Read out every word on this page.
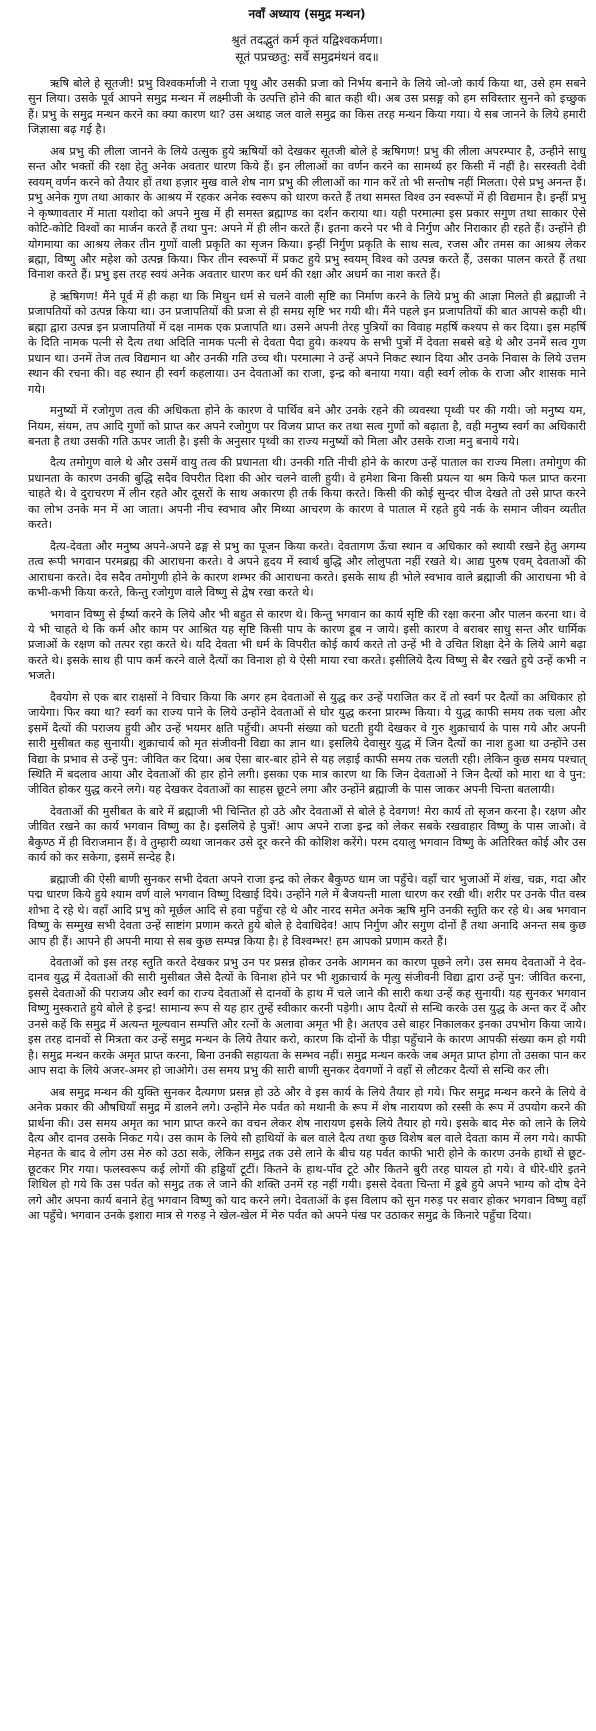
नवाँ अध्याय (समुद्र मन्थन)
श्रुतं तदद्भुतं कर्म कृतं यद्विश्वकर्मणा।
सूतं पप्रच्छतु: सर्वे समुद्रमंथनं वद॥

ऋषि बोले हे सूतजी! प्रभु विश्वकर्माजी ने राजा पृथु और उसकी प्रजा को निर्भय बनाने के लिये जो-जो कार्य किया था, उसे हम सबने सुन लिया। उसके पूर्व आपने समुद्र मन्थन में लक्ष्मीजी के उत्पत्ति होने की बात कही थी। अब उस प्रसङ्ग को हम सविस्तार सुनने को इच्छुक हैं। प्रभु के समुद्र मन्थन करने का क्या कारण था? उस अथाह जल वाले समुद्र का किस तरह मन्थन किया गया। ये सब जानने के लिये हमारी जिज्ञासा बढ़ गई है।

अब प्रभु की लीला जानने के लिये उत्सुक हुये ऋषियों को देखकर सूतजी बोले हे ऋषिगण! प्रभु की लीला अपरम्पार है, उन्हीने साधु सन्त और भक्तों की रक्षा हेतु अनेक अवतार धारण किये हैं। इन लीलाओं का वर्णन करने का सामर्थ्य हर किसी में नहीं है। सरस्वती देवी स्वयम् वर्णन करने को तैयार हों तथा हज़ार मुख वाले शेष नाग प्रभु की लीलाओं का गान करें तो भी सन्तोष नहीं मिलता। ऐसे प्रभु अनन्त हैं। प्रभु अनेक गुण तथा आकार के आश्रय में रहकर अनेक स्वरूप को धारण करते हैं तथा समस्त विश्व उन स्वरूपों में ही विद्यमान है। इन्हीं प्रभु ने कृष्णावतार में माता यशोदा को अपने मुख में ही समस्त ब्रह्माण्ड का दर्शन कराया था। यही परमात्मा इस प्रकार सगुण तथा साकार ऐसे कोटि-कोटि विश्वों का मार्जन करते हैं तथा पुन: अपने में ही लीन करते हैं। इतना करने पर भी वे निर्गुण और निराकार ही रहते हैं। उन्होंने ही योगमाया का आश्रय लेकर तीन गुणों वाली प्रकृति का सृजन किया। इन्हीं निर्गुण प्रकृति के साथ सत्व, रजस और तमस का आश्रय लेकर ब्रह्मा, विष्णु और महेश को उत्पन्न किया। फिर तीन स्वरूपों में प्रकट हुये प्रभु स्वयम् विश्व को उत्पन्न करते हैं, उसका पालन करते हैं तथा विनाश करते हैं। प्रभु इस तरह स्वयं अनेक अवतार धारण कर धर्म की रक्षा और अधर्म का नाश करते हैं।

हे ऋषिगण! मैंने पूर्व में ही कहा था कि मिथुन धर्म से चलने वाली सृष्टि का निर्माण करने के लिये प्रभु की आज्ञा मिलते ही ब्रह्माजी ने प्रजापतियों को उत्पन्न किया था। उन प्रजापतियों की प्रजा से ही समग्र सृष्टि भर गयी थी। मैंने पहले इन प्रजापतियों की बात आपसे कही थी। ब्रह्मा द्वारा उत्पन्न इन प्रजापतियों में दक्ष नामक एक प्रजापति था। उसने अपनी तेरह पुत्रियों का विवाह महर्षि कश्यप से कर दिया। इस महर्षि के दिति नामक पत्नी से दैत्य तथा अदिति नामक पत्नी से देवता पैदा हुये। कश्यप के सभी पुत्रों में देवता सबसे बड़े थे और उनमें सत्व गुण प्रधान था। उनमें तेज तत्व विद्यमान था और उनकी गति उच्च थी। परमात्मा ने उन्हें अपने निकट स्थान दिया और उनके निवास के लिये उत्तम स्थान की रचना की। वह स्थान ही स्वर्ग कहलाया। उन देवताओं का राजा, इन्द्र को बनाया गया। वही स्वर्ग लोक के राजा और शासक माने गये।

मनुष्यों में रजोगुण तत्व की अधिकता होने के कारण वे पार्थिव बने और उनके रहने की व्यवस्था पृथ्वी पर की गयी। जो मनुष्य यम, नियम, संयम, तप आदि गुणों को प्राप्त कर अपने रजोगुण पर विजय प्राप्त कर तथा सत्व गुणों को बढ़ाता है, वही मनुष्य स्वर्ग का अधिकारी बनता है तथा उसकी गति ऊपर जाती है। इसी के अनुसार पृथ्वी का राज्य मनुष्यों को मिला और उसके राजा मनु बनाये गये।

दैत्य तमोगुण वाले थे और उसमें वायु तत्व की प्रधानता थी। उनकी गति नीची होने के कारण उन्हें पाताल का राज्य मिला। तमोगुण की प्रधानता के कारण उनकी बुद्धि सदैव विपरीत दिशा की ओर चलने वाली हुयी। वे हमेशा बिना किसी प्रयत्न या श्रम किये फल प्राप्त करना चाहते थे। वे दुराचरण में लीन रहते और दूसरों के साथ अकारण ही तर्क किया करते। किसी की कोई सुन्दर चीज देखते तो उसे प्राप्त करने का लोभ उनके मन में आ जाता। अपनी नीच स्वभाव और मिथ्या आचरण के कारण वे पाताल में रहते हुये नर्क के समान जीवन व्यतीत करते।

दैत्य-देवता और मनुष्य अपने-अपने ढङ्ग से प्रभु का पूजन किया करते। देवतागण ऊँचा स्थान व अधिकार को स्थायी रखने हेतु अगम्य तत्व रूपी भगवान परमब्रह्म की आराधना करते। वे अपने हृदय में स्वार्थ बुद्धि और लोलुपता नहीं रखते थे। आद्य पुरुष एवम् देवताओं की आराधना करते। देव सदैव तमोगुणी होने के कारण शम्भर की आराधना करते। इसके साथ ही भोले स्वभाव वाले ब्रह्माजी की आराधना भी वे कभी-कभी किया करते, किन्तु रजोगुण वाले विष्णु से द्वेष रखा करते थे।

भगवान विष्णु से ईर्ष्या करने के लिये और भी बहुत से कारण थे। किन्तु भगवान का कार्य सृष्टि की रक्षा करना और पालन करना था। वे ये भी चाहते थे कि कर्म और काम पर आश्रित यह सृष्टि किसी पाप के कारण डूब न जाये। इसी कारण वे बराबर साधु सन्त और धार्मिक प्रजाओं के रक्षण को तत्पर रहा करते थे। यदि देवता भी धर्म के विपरीत कोई कार्य करते तो उन्हें भी वे उचित शिक्षा देने के लिये आगे बढ़ा करते थे। इसके साथ ही पाप कर्म करने वाले दैत्यों का विनाश हो ये ऐसी माया रचा करते। इसीलिये दैत्य विष्णु से बैर रखते हुये उन्हें कभी न भजते।

दैवयोग से एक बार राक्षसों ने विचार किया कि अगर हम देवताओं से युद्ध कर उन्हें पराजित कर दें तो स्वर्ग पर दैत्यों का अधिकार हो जायेगा। फिर क्या था? स्वर्ग का राज्य पाने के लिये उन्होंने देवताओं से घोर युद्ध करना प्रारम्भ किया। ये युद्ध काफी समय तक चला और इसमें दैत्यों की पराजय हुयी और उन्हें भयमर क्षति पहुँची। अपनी संख्या को घटती हुयी देखकर वे गुरु शुक्राचार्य के पास गये और अपनी सारी मुसीबत कह सुनायी। शुक्राचार्य को मृत संजीवनी विद्या का ज्ञान था। इसलिये देवासुर युद्ध में जिन दैत्यों का नाश हुआ था उन्होंने उस विद्या के प्रभाव से उन्हें पुन: जीवित कर दिया। अब ऐसा बार-बार होने से यह लड़ाई काफी समय तक चलती रही। लेकिन कुछ समय पश्चात् स्थिति में बदलाव आया और देवताओं की हार होने लगी। इसका एक मात्र कारण था कि जिन देवताओं ने जिन दैत्यों को मारा था वे पुन: जीवित होकर युद्ध करने लगे। यह देखकर देवताओं का साहस छूटने लगा और उन्होंने ब्रह्माजी के पास जाकर अपनी चिन्ता बतलायी।

देवताओं की मुसीबत के बारे में ब्रह्माजी भी चिन्तित हो उठे और देवताओं से बोले हे देवगण! मेरा कार्य तो सृजन करना है। रक्षण और जीवित रखने का कार्य भगवान विष्णु का है। इसलिये हे पुत्रों! आप अपने राजा इन्द्र को लेकर सबके रखवाहार विष्णु के पास जाओ। वे बैकुण्ठ में ही विराजमान हैं। वे तुम्हारी व्यथा जानकर उसे दूर करने की कोशिश करेंगे। परम दयालु भगवान विष्णु के अतिरिक्त कोई और उस कार्य को कर सकेगा, इसमें सन्देह है।

ब्रह्माजी की ऐसी बाणी सुनकर सभी देवता अपने राजा इन्द्र को लेकर बैकुण्ठ धाम जा पहुँचे। वहाँ चार भुजाओं में शंख, चक्र, गदा और पद्म धारण किये हुये श्याम वर्ण वाले भगवान विष्णु दिखाई दिये। उन्होंने गले में बैजयन्ती माला धारण कर रखी थी। शरीर पर उनके पीत वस्त्र शोभा दे रहे थे। वहाँ आदि प्रभु को मूर्छल आदि से हवा पहुँचा रहे थे और नारद समेत अनेक ऋषि मुनि उनकी स्तुति कर रहे थे। अब भगवान विष्णु के सम्मुख सभी देवता उन्हें साष्टांग प्रणाम करते हुये बोले हे देवाधिदेव! आप निर्गुण और सगुण दोनों हैं तथा अनादि अनन्त सब कुछ आप ही हैं। आपने ही अपनी माया से सब कुछ सम्पन्न किया है। हे विश्वम्भर! हम आपको प्रणाम करते हैं।

देवताओं को इस तरह स्तुति करते देखकर प्रभु उन पर प्रसन्न होकर उनके आगमन का कारण पूछने लगे। उस समय देवताओं ने देव-दानव युद्ध में देवताओं की सारी मुसीबत जैसे दैत्यों के विनाश होने पर भी शुक्राचार्य के मृत्यु संजीवनी विद्या द्वारा उन्हें पुन: जीवित करना, इससे देवताओं की पराजय और स्वर्ग का राज्य देवताओं से दानवों के हाथ में चले जाने की सारी कथा उन्हें कह सुनायी। यह सुनकर भगवान विष्णु मुस्कराते हुये बोले हे इन्द्र! सामान्य रूप से यह हार तुम्हें स्वीकार करनी पड़ेगी। आप दैत्यों से सन्धि करके उस युद्ध के अन्त कर दें और उनसे कहें कि समुद्र में अत्यन्त मूल्यवान सम्पत्ति और रत्नों के अलावा अमृत भी है। अतएव उसे बाहर निकालकर इनका उपभोग किया जाये। इस तरह दानवों से मित्रता कर उन्हें समुद्र मन्थन के लिये तैयार करो, कारण कि दोनों के पीड़ा पहुँचाने के कारण आपकी संख्या कम हो गयी है। समुद्र मन्थन करके अमृत प्राप्त करना, बिना उनकी सहायता के सम्भव नहीं। समुद्र मन्थन करके जब अमृत प्राप्त होगा तो उसका पान कर आप सदा के लिये अजर-अमर हो जाओगे। उस समय प्रभु की सारी बाणी सुनकर देवगणों ने वहाँ से लौटकर दैत्यों से सन्धि कर ली।

अब समुद्र मन्थन की युक्ति सुनकर दैत्यगण प्रसन्न हो उठे और वे इस कार्य के लिये तैयार हो गये। फिर समुद्र मन्थन करने के लिये वे अनेक प्रकार की औषधियाँ समुद्र में डालने लगे। उन्होंने मेरु पर्वत को मथानी के रूप में शेष नारायण को रस्सी के रूप में उपयोग करने की प्रार्थना की। उस समय अमृत का भाग प्राप्त करने का वचन लेकर शेष नारायण इसके लिये तैयार हो गये। इसके बाद मेरु को लाने के लिये दैत्य और दानव उसके निकट गये। उस काम के लिये सौ हाथियों के बल वाले दैत्य तथा कुछ विशेष बल वाले देवता काम में लग गये। काफी मेहनत के बाद वे लोग उस मेरु को उठा सके, लेकिन समुद्र तक उसे लाने के बीच यह पर्वत काफी भारी होने के कारण उनके हाथों से छूट-छूटकर गिर गया। फलस्वरूप कई लोगों की हड्डियाँ टूटीं। कितने के हाथ-पाँव टूटे और कितने बुरी तरह घायल हो गये। वे धीरे-धीरे इतने शिथिल हो गये कि उस पर्वत को समुद्र तक ले जाने की शक्ति उनमें रह नहीं गयी। इससे देवता चिन्ता में डूबे हुये अपने भाग्य को दोष देने लगे और अपना कार्य बनाने हेतु भगवान विष्णु को याद करने लगे। देवताओं के इस विलाप को सुन गरुड़ पर सवार होकर भगवान विष्णु वहाँ आ पहुँचे। भगवान उनके इशारा मात्र से गरुड़ ने खेल-खेल में मेरु पर्वत को अपने पंख पर उठाकर समुद्र के किनारे पहुँचा दिया।
